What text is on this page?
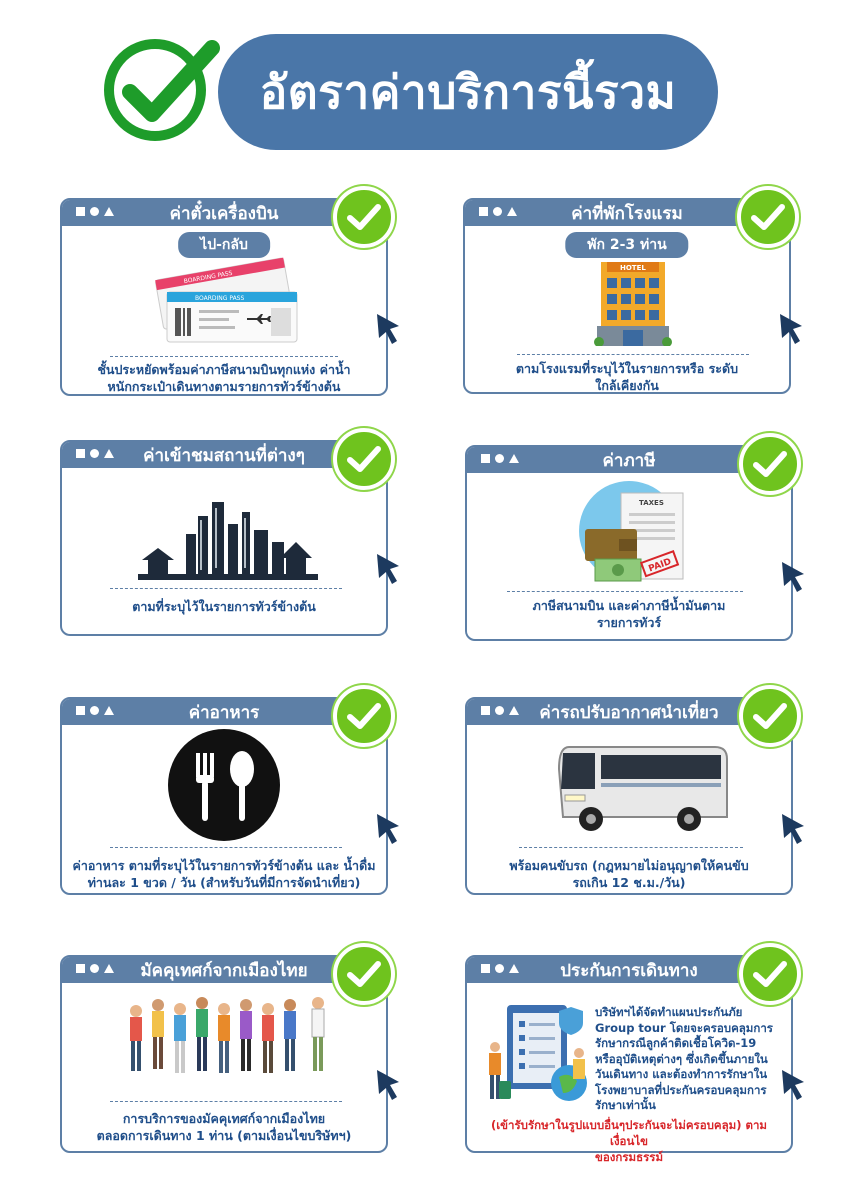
อัตราค่าบริการนี้รวม
ค่าตั๋วเครื่องบิน
ไป-กลับ
BOARDING PASS
BOARDING PASS
ชั้นประหยัดพร้อมค่าภาษีสนามบินทุกแห่ง ค่าน้ำ
หนักกระเป๋าเดินทางตามรายการทัวร์ข้างต้น
ค่าที่พักโรงแรม
พัก 2-3 ท่าน
HOTEL
ตามโรงแรมที่ระบุไว้ในรายการหรือ ระดับ
ใกล้เคียงกัน
ค่าเข้าชมสถานที่ต่างๆ
ตามที่ระบุไว้ในรายการทัวร์ข้างต้น
ค่าภาษี
TAXES
PAID
ภาษีสนามบิน และค่าภาษีน้ำมันตาม
รายการทัวร์
ค่าอาหาร
ค่าอาหาร ตามที่ระบุไว้ในรายการทัวร์ข้างต้น และ น้ำดื่ม
ท่านละ 1 ขวด / วัน (สำหรับวันที่มีการจัดนำเที่ยว)
ค่ารถปรับอากาศนำเที่ยว
พร้อมคนขับรถ (กฎหมายไม่อนุญาตให้คนขับ
รถเกิน 12 ช.ม./วัน)
มัคคุเทศก์จากเมืองไทย
การบริการของมัคคุเทศก์จากเมืองไทย
ตลอดการเดินทาง 1 ท่าน (ตามเงื่อนไขบริษัทฯ)
ประกันการเดินทาง
บริษัทฯได้จัดทำแผนประกันภัย
Group tour โดยจะครอบคลุมการ
รักษากรณีลูกค้าติดเชื้อโควิด-19
หรืออุบัติเหตุต่างๆ ซึ่งเกิดขึ้นภายใน
วันเดินทาง และต้องทำการรักษาใน
โรงพยาบาลที่ประกันครอบคลุมการ
รักษาเท่านั้น
(เข้ารับรักษาในรูปแบบอื่นๆประกันจะไม่ครอบคลุม) ตามเงื่อนไข
ของกรมธรรม์
